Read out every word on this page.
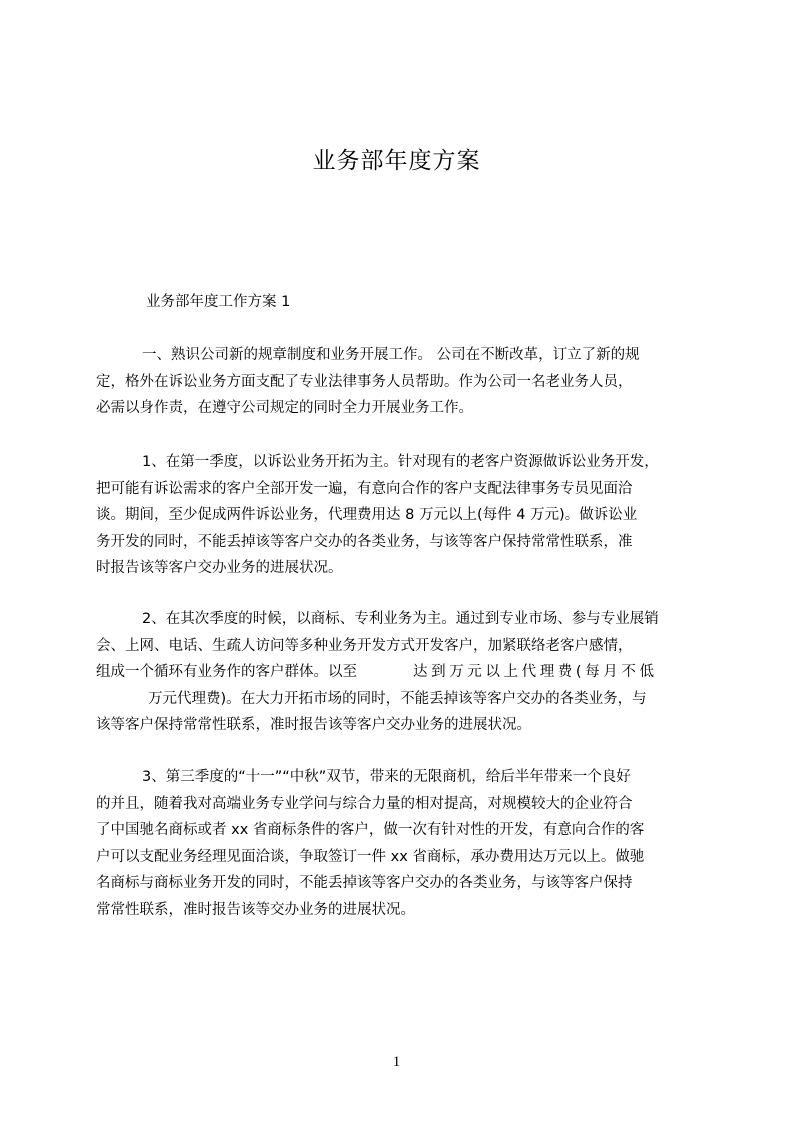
业务部年度方案

业务部年度工作方案 1

一、熟识公司新的规章制度和业务开展工作。 公司在不断改革，订立了新的规
定，格外在诉讼业务方面支配了专业法律事务人员帮助。作为公司一名老业务人员，
必需以身作责，在遵守公司规定的同时全力开展业务工作。

1、在第一季度，以诉讼业务开拓为主。针对现有的老客户资源做诉讼业务开发，
把可能有诉讼需求的客户全部开发一遍，有意向合作的客户支配法律事务专员见面洽
谈。期间，至少促成两件诉讼业务，代理费用达 8 万元以上(每件 4 万元)。做诉讼业
务开发的同时，不能丢掉该等客户交办的各类业务，与该等客户保持常常性联系，准
时报告该等客户交办业务的进展状况。

2、在其次季度的时候，以商标、专利业务为主。通过到专业市场、参与专业展销
会、上网、电话、生疏人访问等多种业务开发方式开发客户，加紧联络老客户感情，
组成一个循环有业务作的客户群体。以至	达到万元以上代理费(每月不低
万元代理费)。在大力开拓市场的同时，不能丢掉该等客户交办的各类业务，与
该等客户保持常常性联系，准时报告该等客户交办业务的进展状况。

3、第三季度的“十一”“中秋”双节，带来的无限商机，给后半年带来一个良好
的并且，随着我对高端业务专业学问与综合力量的相对提高，对规模较大的企业符合
了中国驰名商标或者 xx 省商标条件的客户，做一次有针对性的开发，有意向合作的客
户可以支配业务经理见面洽谈，争取签订一件 xx 省商标，承办费用达万元以上。做驰
名商标与商标业务开发的同时，不能丢掉该等客户交办的各类业务，与该等客户保持
常常性联系，准时报告该等交办业务的进展状况。

1
